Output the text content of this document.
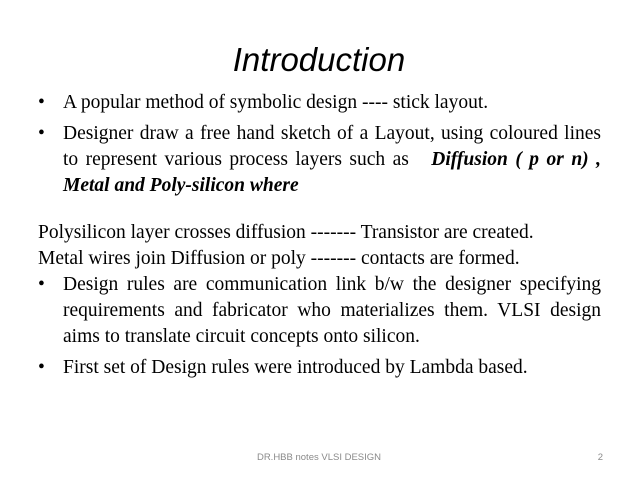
Introduction
• A popular method of symbolic design ---- stick layout.
• Designer draw a free hand sketch of a Layout, using coloured lines to represent various process layers such as Diffusion ( p or n) , Metal and Poly-silicon where

Polysilicon layer crosses diffusion ------- Transistor are created.

Metal wires join Diffusion or poly ------- contacts are formed.

• Design rules are communication link b/w the designer specifying requirements and fabricator who materializes them. VLSI design aims to translate circuit concepts onto silicon.
• First set of Design rules were introduced by Lambda based.
DR.HBB notes VLSI DESIGN	2
